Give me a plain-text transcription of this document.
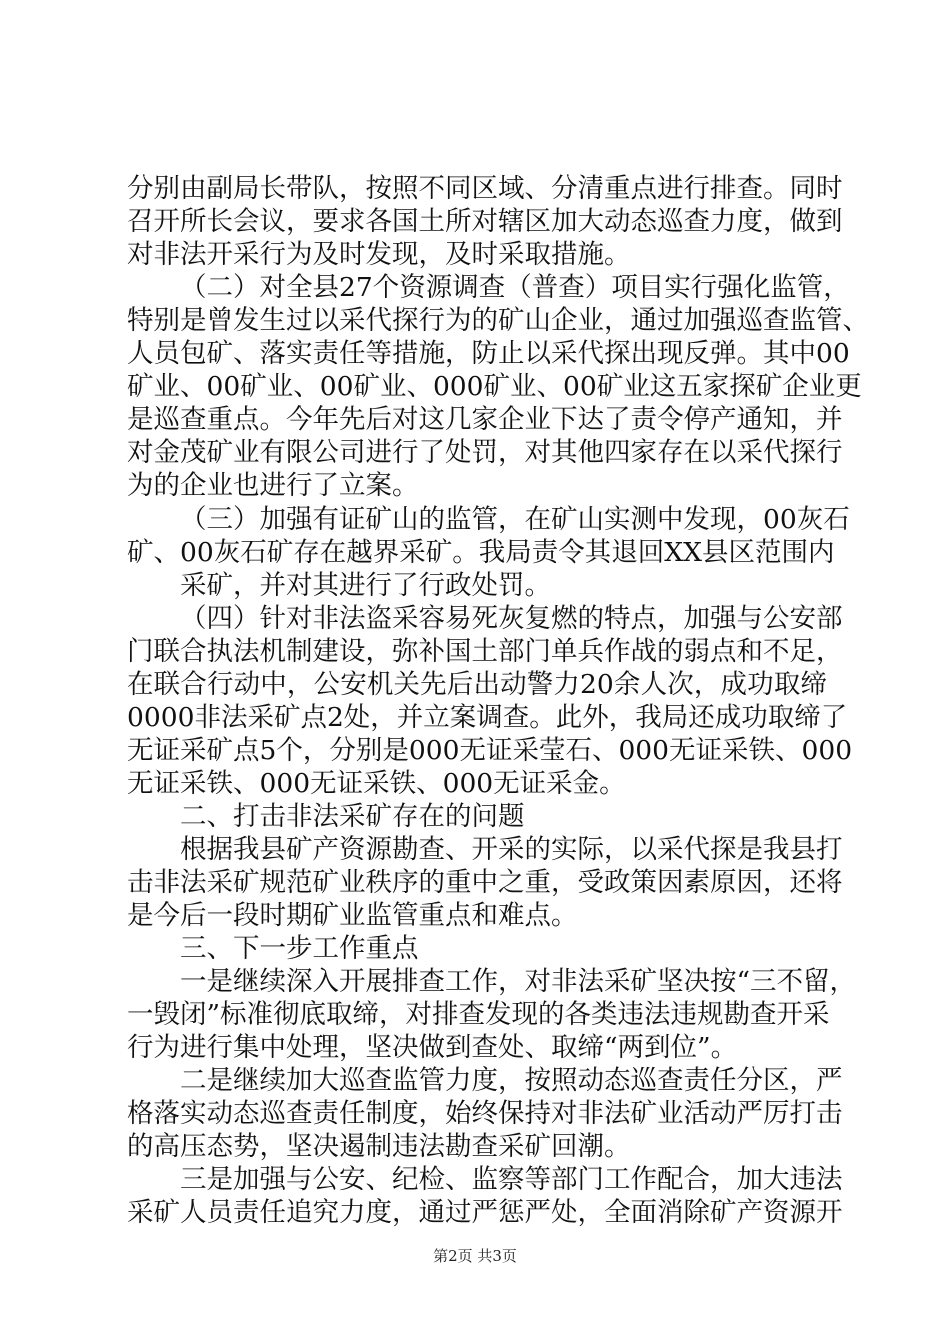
分别由副局长带队，按照不同区域、分清重点进行排查。同时
召开所长会议，要求各国土所对辖区加大动态巡查力度，做到
对非法开采行为及时发现，及时采取措施。
（二）对全县27个资源调查（普查）项目实行强化监管，
特别是曾发生过以采代探行为的矿山企业，通过加强巡查监管、
人员包矿、落实责任等措施，防止以采代探出现反弹。其中00
矿业、00矿业、00矿业、000矿业、00矿业这五家探矿企业更
是巡查重点。今年先后对这几家企业下达了责令停产通知，并
对金茂矿业有限公司进行了处罚，对其他四家存在以采代探行
为的企业也进行了立案。
（三）加强有证矿山的监管，在矿山实测中发现，00灰石
矿、00灰石矿存在越界采矿。我局责令其退回XX县区范围内
采矿，并对其进行了行政处罚。
（四）针对非法盗采容易死灰复燃的特点，加强与公安部
门联合执法机制建设，弥补国土部门单兵作战的弱点和不足，
在联合行动中，公安机关先后出动警力20余人次，成功取缔
0000非法采矿点2处，并立案调查。此外，我局还成功取缔了
无证采矿点5个，分别是000无证采莹石、000无证采铁、000
无证采铁、000无证采铁、000无证采金。
二、打击非法采矿存在的问题
根据我县矿产资源勘查、开采的实际，以采代探是我县打
击非法采矿规范矿业秩序的重中之重，受政策因素原因，还将
是今后一段时期矿业监管重点和难点。
三、下一步工作重点
一是继续深入开展排查工作，对非法采矿坚决按“三不留，
一毁闭”标准彻底取缔，对排查发现的各类违法违规勘查开采
行为进行集中处理，坚决做到查处、取缔“两到位”。
二是继续加大巡查监管力度，按照动态巡查责任分区，严
格落实动态巡查责任制度，始终保持对非法矿业活动严厉打击
的高压态势，坚决遏制违法勘查采矿回潮。
三是加强与公安、纪检、监察等部门工作配合，加大违法
采矿人员责任追究力度，通过严惩严处，全面消除矿产资源开
第2页 共3页
